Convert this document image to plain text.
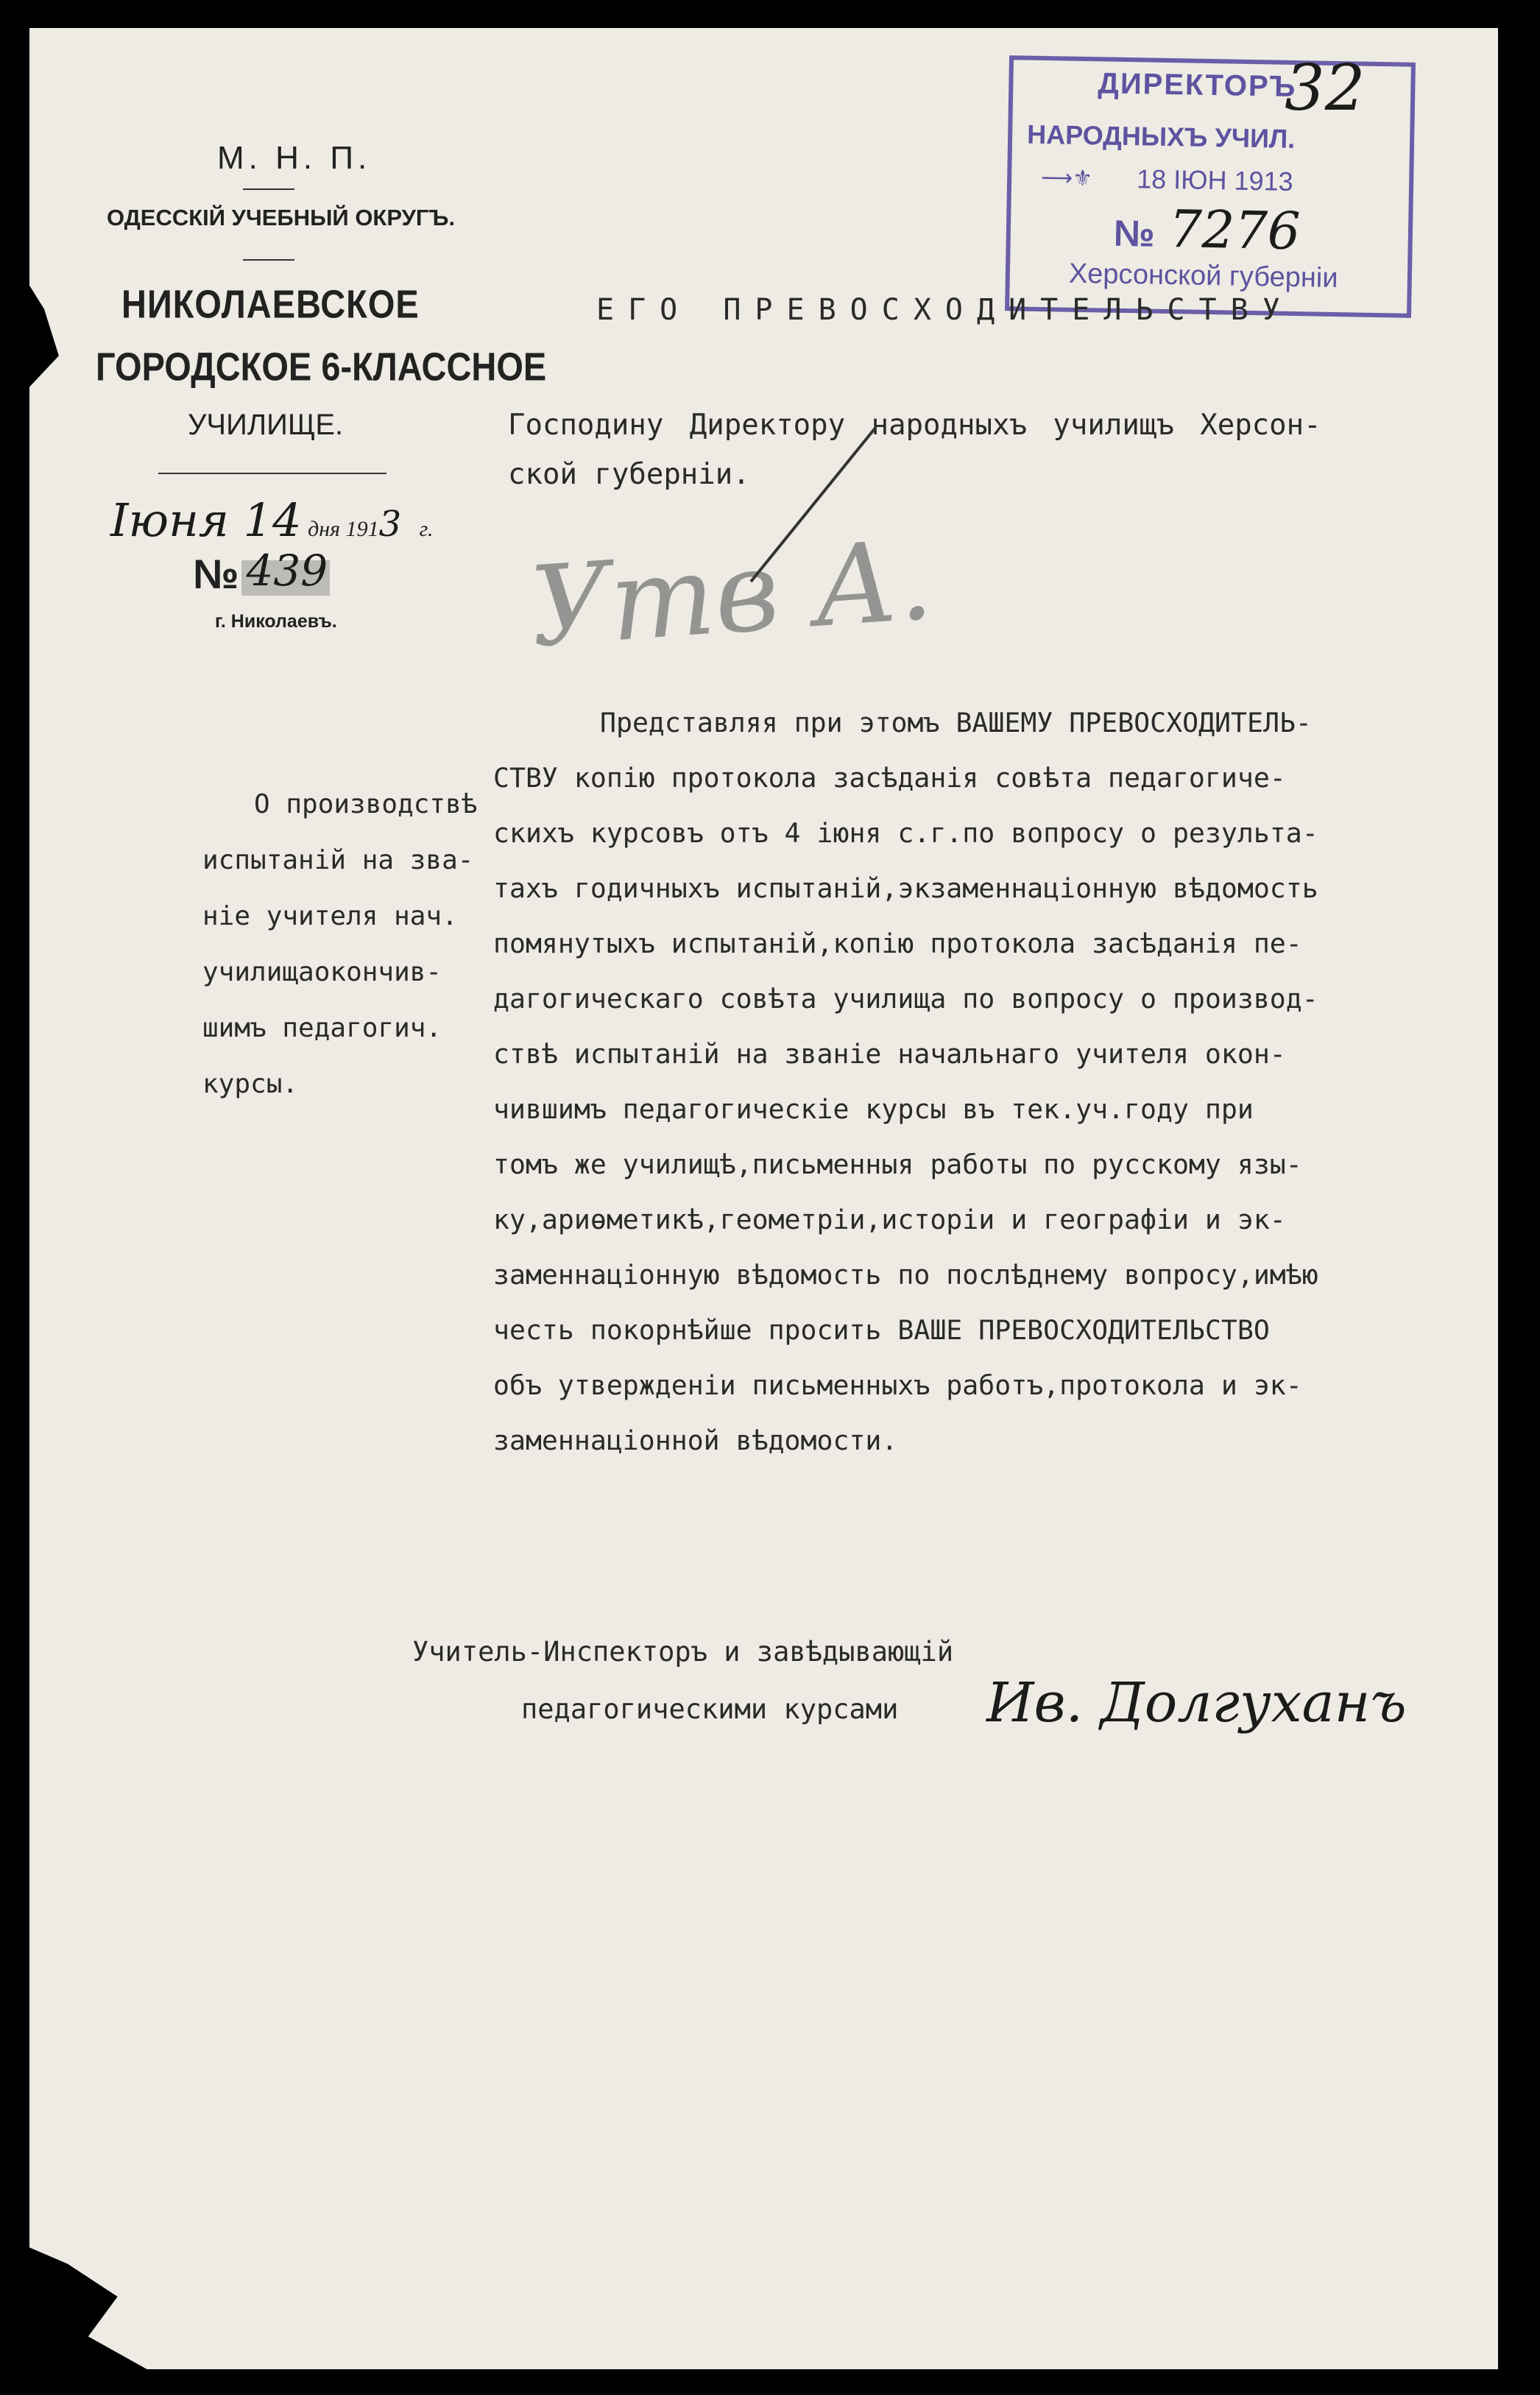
М. Н. П.
ОДЕССКІЙ УЧЕБНЫЙ ОКРУГЪ.
НИКОЛАЕВСКОЕ
ГОРОДСКОЕ 6-КЛАССНОЕ
УЧИЛИЩЕ.
Іюня 14 дня 1913 г.
№ 439
г. Николаевъ.
ДИРЕКТОРЪ
НАРОДНЫХЪ УЧИЛ.
⟶⚜ 18 ІЮН 1913
№ 7276
Херсонской губерніи
32
ЕГО ПРЕВОСХОДИТЕЛЬСТВУ
Господину Директору народныхъ училищъ Херсон-
ской губерніи.
Утв А.
О производствѣ
испытаній на зва-
ніе учителя нач.
училищаокончив-
шимъ педагогич.
курсы.
Представляя при этомъ ВАШЕМУ ПРЕВОСХОДИТЕЛЬ-
СТВУ копію протокола засѣданія совѣта педагогиче-
скихъ курсовъ отъ 4 іюня с.г.по вопросу о результа-
тахъ годичныхъ испытаній,экзаменнаціонную вѣдомость
помянутыхъ испытаній,копію протокола засѣданія пе-
дагогическаго совѣта училища по вопросу о производ-
ствѣ испытаній на званіе начальнаго учителя окон-
чившимъ педагогическіе курсы въ тек.уч.году при
томъ же училищѣ,письменныя работы по русскому язы-
ку,ариѳметикѣ,геометріи,исторіи и географіи и эк-
заменнаціонную вѣдомость по послѣднему вопросу,имѣю
честь покорнѣйше просить ВАШЕ ПРЕВОСХОДИТЕЛЬСТВО
объ утвержденіи письменныхъ работъ,протокола и эк-
заменнаціонной вѣдомости.
Учитель-Инспекторъ и завѣдывающій
педагогическими курсами Ив. Долгуханъ
